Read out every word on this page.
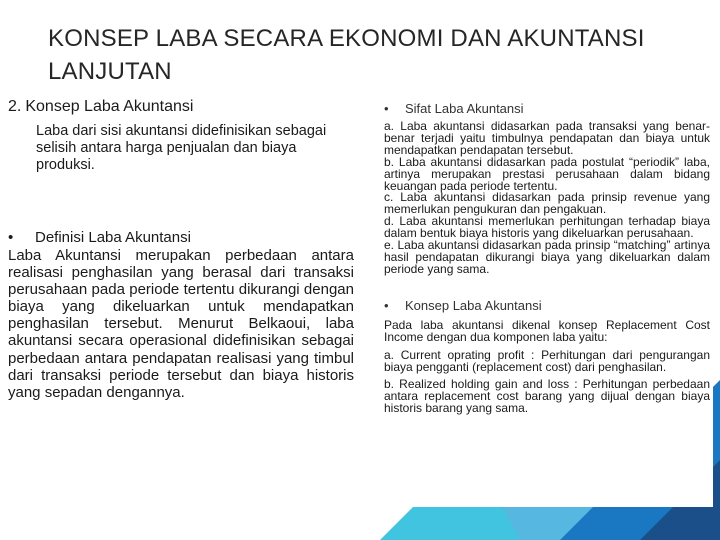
KONSEP LABA SECARA EKONOMI DAN AKUNTANSI LANJUTAN
2. Konsep Laba Akuntansi
Laba dari sisi akuntansi didefinisikan sebagai selisih antara harga penjualan dan biaya produksi.
• Definisi Laba Akuntansi
Laba Akuntansi merupakan perbedaan antara realisasi penghasilan yang berasal dari transaksi perusahaan pada periode tertentu dikurangi dengan biaya yang dikeluarkan untuk mendapatkan penghasilan tersebut. Menurut Belkaoui, laba akuntansi secara operasional didefinisikan sebagai perbedaan antara pendapatan realisasi yang timbul dari transaksi periode tersebut dan biaya historis yang sepadan dengannya.
• Sifat Laba Akuntansi

a. Laba akuntansi didasarkan pada transaksi yang benar-benar terjadi yaitu timbulnya pendapatan dan biaya untuk mendapatkan pendapatan tersebut.

b. Laba akuntansi didasarkan pada postulat “periodik” laba, artinya merupakan prestasi perusahaan dalam bidang keuangan pada periode tertentu.

c. Laba akuntansi didasarkan pada prinsip revenue yang memerlukan pengukuran dan pengakuan.

d. Laba akuntansi memerlukan perhitungan terhadap biaya dalam bentuk biaya historis yang dikeluarkan perusahaan.

e. Laba akuntansi didasarkan pada prinsip “matching” artinya hasil pendapatan dikurangi biaya yang dikeluarkan dalam periode yang sama.

• Konsep Laba Akuntansi

Pada laba akuntansi dikenal konsep Replacement Cost Income dengan dua komponen laba yaitu:

a. Current oprating profit : Perhitungan dari pengurangan biaya pengganti (replacement cost) dari penghasilan.

b. Realized holding gain and loss : Perhitungan perbedaan antara replacement cost barang yang dijual dengan biaya historis barang yang sama.
